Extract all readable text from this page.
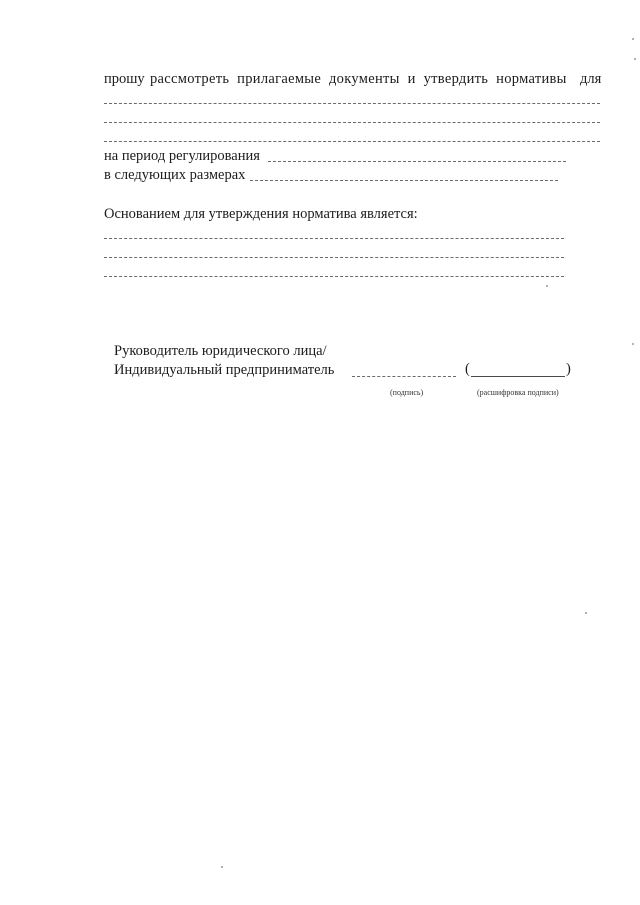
прошу рассмотреть прилагаемые документы и утвердить нормативы для
на период регулирования
в следующих размерах
Основанием для утверждения норматива является:
Руководитель юридического лица/
Индивидуальный предприниматель	(	)
(подпись)	(расшифровка подписи)
